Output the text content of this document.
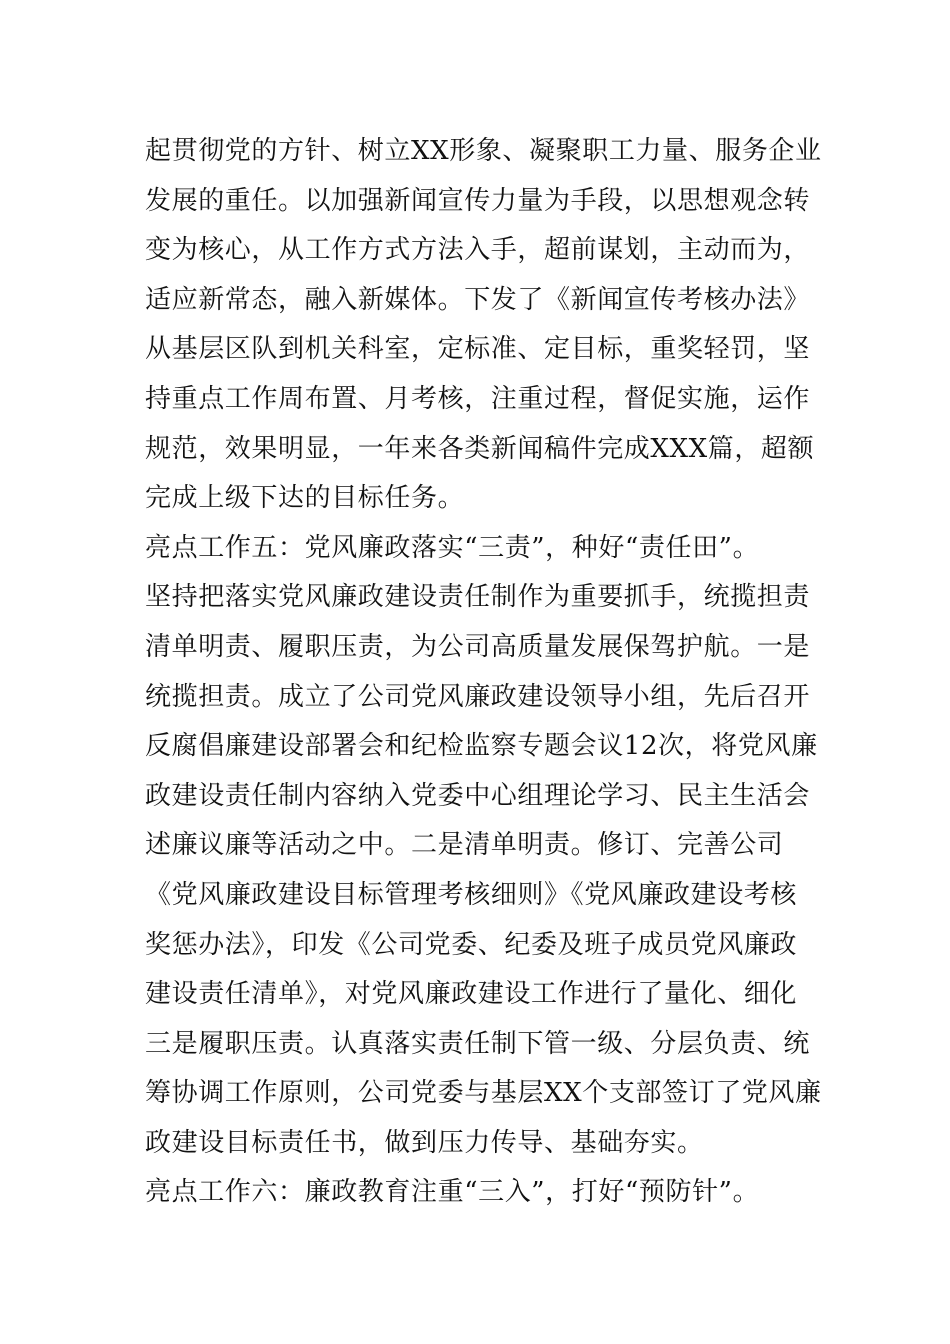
起贯彻党的方针、树立XX形象、凝聚职工力量、服务企业
发展的重任。以加强新闻宣传力量为手段，以思想观念转
变为核心，从工作方式方法入手，超前谋划，主动而为，
适应新常态，融入新媒体。下发了《新闻宣传考核办法》
从基层区队到机关科室，定标准、定目标，重奖轻罚，坚
持重点工作周布置、月考核，注重过程，督促实施，运作
规范，效果明显，一年来各类新闻稿件完成XXX篇，超额
完成上级下达的目标任务。
亮点工作五：党风廉政落实“三责”，种好“责任田”。
坚持把落实党风廉政建设责任制作为重要抓手，统揽担责
清单明责、履职压责，为公司高质量发展保驾护航。一是
统揽担责。成立了公司党风廉政建设领导小组，先后召开
反腐倡廉建设部署会和纪检监察专题会议12次，将党风廉
政建设责任制内容纳入党委中心组理论学习、民主生活会
述廉议廉等活动之中。二是清单明责。修订、完善公司
《党风廉政建设目标管理考核细则》《党风廉政建设考核
奖惩办法》，印发《公司党委、纪委及班子成员党风廉政
建设责任清单》，对党风廉政建设工作进行了量化、细化
三是履职压责。认真落实责任制下管一级、分层负责、统
筹协调工作原则，公司党委与基层XX个支部签订了党风廉
政建设目标责任书，做到压力传导、基础夯实。
亮点工作六：廉政教育注重“三入”，打好“预防针”。
